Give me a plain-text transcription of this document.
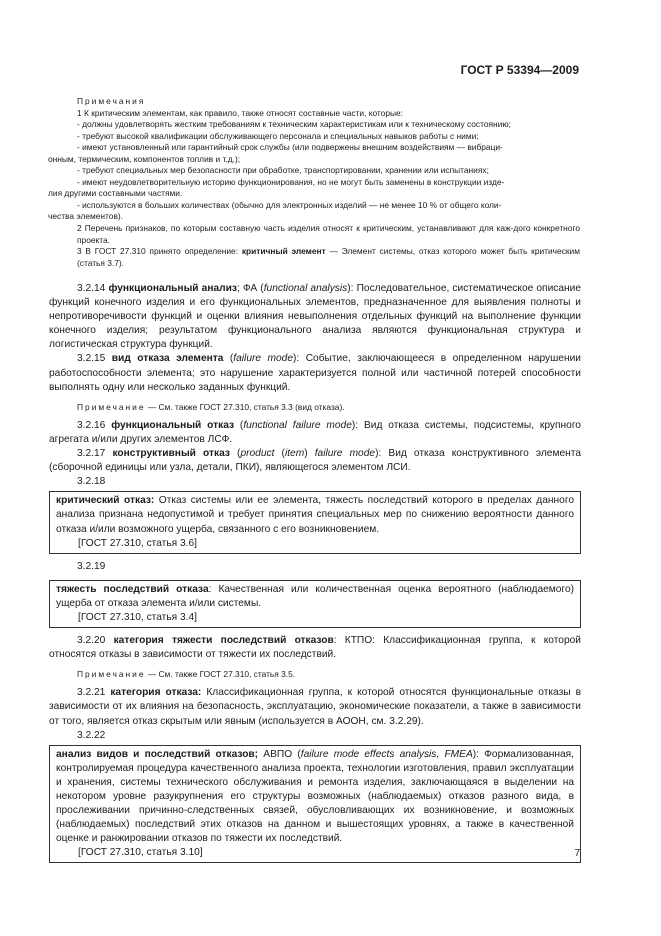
ГОСТ Р 53394—2009

Примечания

1 К критическим элементам, как правило, также относят составные части, которые:

- должны удовлетворять жестким требованиям к техническим характеристикам или к техническому состоянию;

- требуют высокой квалификации обслуживающего персонала и специальных навыков работы с ними;

- имеют установленный или гарантийный срок службы (или подвержены внешним воздействиям — вибраци-

онным, термическим, компонентов топлив и т.д.);

- требуют специальных мер безопасности при обработке, транспортировании, хранении или испытаниях;

- имеют неудовлетворительную историю функционирования, но не могут быть заменены в конструкции изде-

лия другими составными частями.

- используются в больших количествах (обычно для электронных изделий — не менее 10 % от общего коли-

чества элементов).

2 Перечень признаков, по которым составную часть изделия относят к критическим, устанавливают для каж-дого конкретного проекта.

3 В ГОСТ 27.310 принято определение: критичный элемент — Элемент системы, отказ которого может быть критическим (статья 3.7).

3.2.14 функциональный анализ; ФА (functional analysis): Последовательное, систематическое описание функций конечного изделия и его функциональных элементов, предназначенное для выявления полноты и непротиворечивости функций и оценки влияния невыполнения отдельных функций на выполнение функции конечного изделия; результатом функционального анализа являются функциональная структура и логистическая структура функций.

3.2.15 вид отказа элемента (failure mode): Событие, заключающееся в определенном нарушении работоспособности элемента; это нарушение характеризуется полной или частичной потерей способности выполнять одну или несколько заданных функций.

Примечание — См. также ГОСТ 27.310, статья 3.3 (вид отказа).

3.2.16 функциональный отказ (functional failure mode): Вид отказа системы, подсистемы, крупного агрегата и/или других элементов ЛСФ.

3.2.17 конструктивный отказ (product (item) failure mode): Вид отказа конструктивного элемента (сборочной единицы или узла, детали, ПКИ), являющегося элементом ЛСИ.

3.2.18

критический отказ: Отказ системы или ее элемента, тяжесть последствий которого в пределах данного анализа признана недопустимой и требует принятия специальных мер по снижению вероятности данного отказа и/или возможного ущерба, связанного с его возникновением.

[ГОСТ 27.310, статья 3.6]

3.2.19

тяжесть последствий отказа: Качественная или количественная оценка вероятного (наблюдаемого) ущерба от отказа элемента и/или системы.

[ГОСТ 27.310, статья 3.4]

3.2.20 категория тяжести последствий отказов: КТПО: Классификационная группа, к которой относятся отказы в зависимости от тяжести их последствий.

Примечание — См. также ГОСТ 27.310, статья 3.5.

3.2.21 категория отказа: Классификационная группа, к которой относятся функциональные отказы в зависимости от их влияния на безопасность, эксплуатацию, экономические показатели, а также в зависимости от того, является отказ скрытым или явным (используется в АООН, см. 3.2.29).

3.2.22

анализ видов и последствий отказов; АВПО (failure mode effects analysis, FMEA): Формализованная, контролируемая процедура качественного анализа проекта, технологии изготовления, правил эксплуатации и хранения, системы технического обслуживания и ремонта изделия, заключающаяся в выделении на некотором уровне разукрупнения его структуры возможных (наблюдаемых) отказов разного вида, в прослеживании причинно-следственных связей, обусловливающих их возникновение, и возможных (наблюдаемых) последствий этих отказов на данном и вышестоящих уровнях, а также в качественной оценке и ранжировании отказов по тяжести их последствий.

[ГОСТ 27.310, статья 3.10]	7
